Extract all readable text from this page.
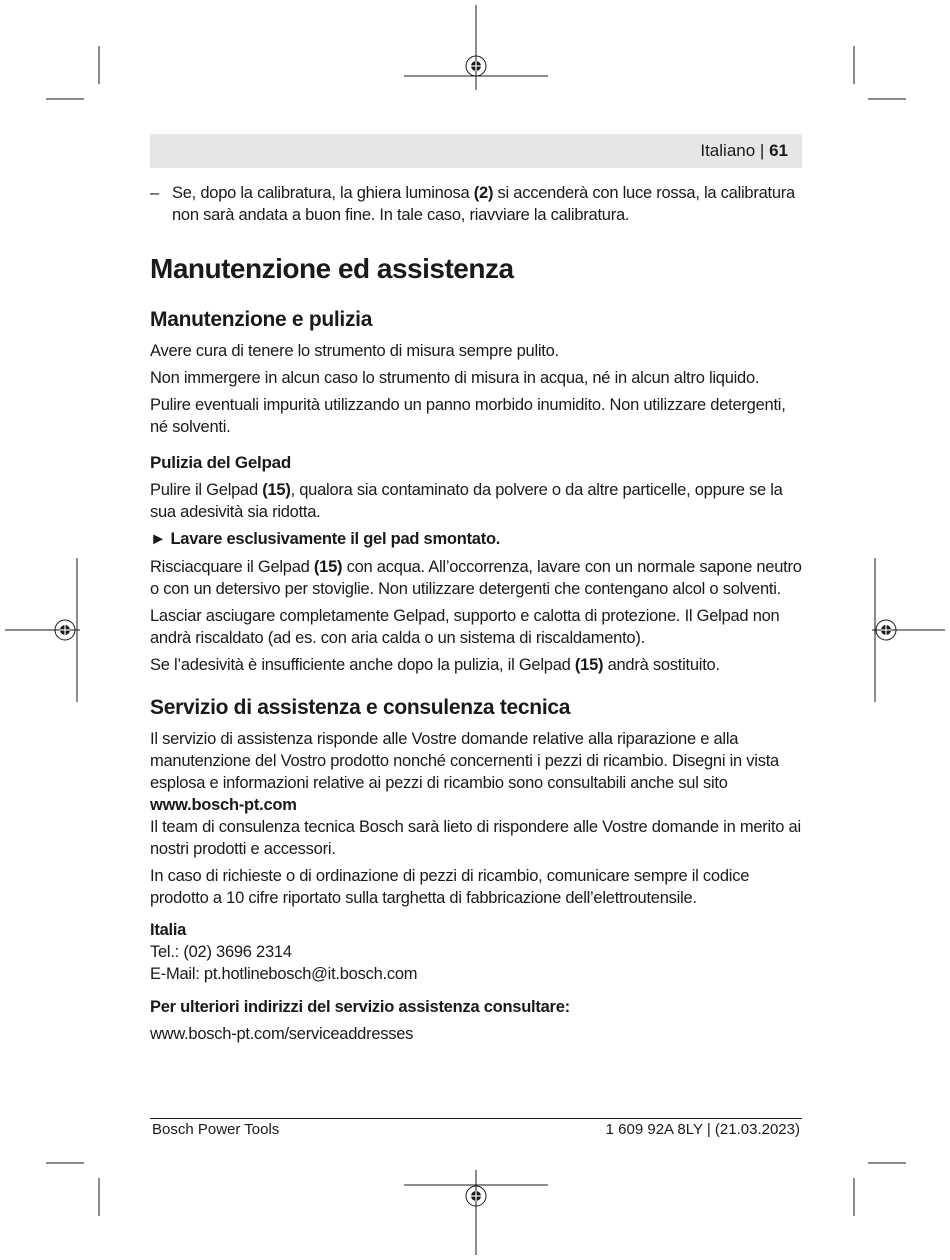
Italiano | 61

– Se, dopo la calibratura, la ghiera luminosa (2) si accenderà con luce rossa, la calibratura non sarà andata a buon fine. In tale caso, riavviare la calibratura.

Manutenzione ed assistenza
Manutenzione e pulizia

Avere cura di tenere lo strumento di misura sempre pulito.

Non immergere in alcun caso lo strumento di misura in acqua, né in alcun altro liquido.

Pulire eventuali impurità utilizzando un panno morbido inumidito. Non utilizzare detergenti, né solventi.

Pulizia del Gelpad

Pulire il Gelpad (15), qualora sia contaminato da polvere o da altre particelle, oppure se la sua adesività sia ridotta.

► Lavare esclusivamente il gel pad smontato.

Risciacquare il Gelpad (15) con acqua. All’occorrenza, lavare con un normale sapone neutro o con un detersivo per stoviglie. Non utilizzare detergenti che contengano alcol o solventi.

Lasciar asciugare completamente Gelpad, supporto e calotta di protezione. Il Gelpad non andrà riscaldato (ad es. con aria calda o un sistema di riscaldamento).

Se l’adesività è insufficiente anche dopo la pulizia, il Gelpad (15) andrà sostituito.

Servizio di assistenza e consulenza tecnica

Il servizio di assistenza risponde alle Vostre domande relative alla riparazione e alla manutenzione del Vostro prodotto nonché concernenti i pezzi di ricambio. Disegni in vista esplosa e informazioni relative ai pezzi di ricambio sono consultabili anche sul sito
www.bosch-pt.com
Il team di consulenza tecnica Bosch sarà lieto di rispondere alle Vostre domande in merito ai nostri prodotti e accessori.

In caso di richieste o di ordinazione di pezzi di ricambio, comunicare sempre il codice prodotto a 10 cifre riportato sulla targhetta di fabbricazione dell’elettroutensile.

Italia
Tel.: (02) 3696 2314
E-Mail: pt.hotlinebosch@it.bosch.com

Per ulteriori indirizzi del servizio assistenza consultare:

www.bosch-pt.com/serviceaddresses

Bosch Power Tools	1 609 92A 8LY | (21.03.2023)
